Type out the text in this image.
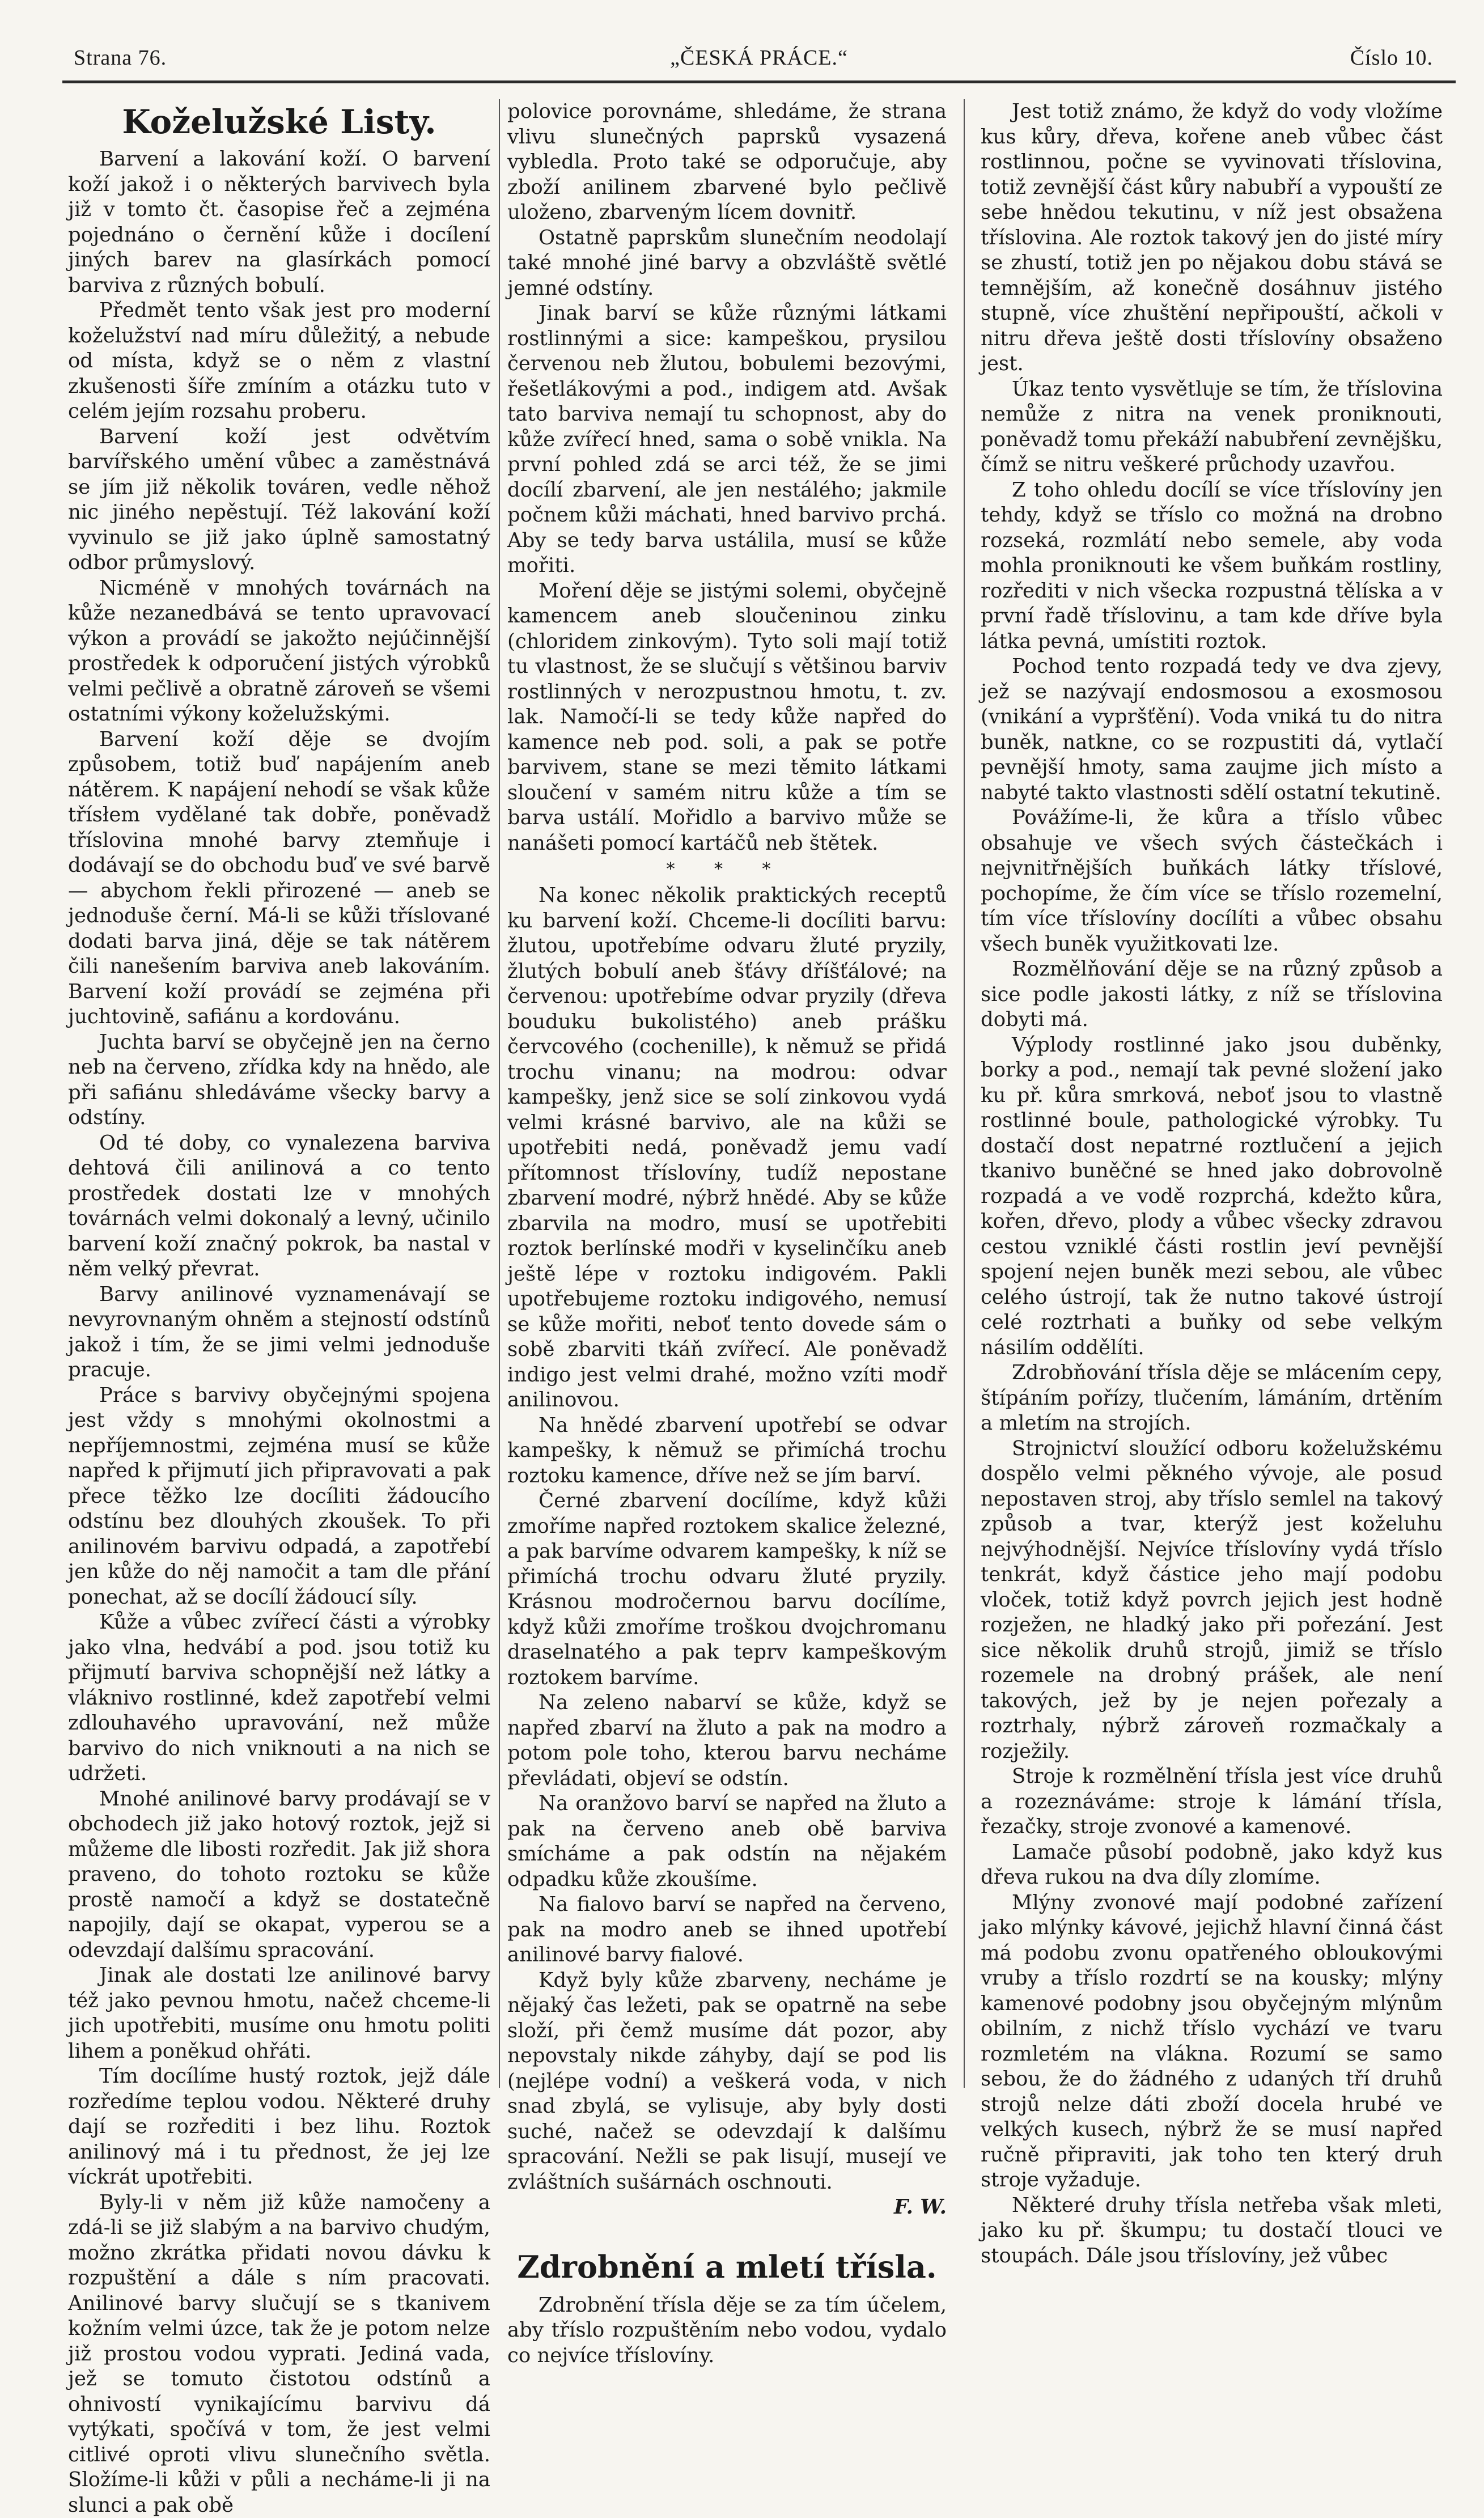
Strana 76.	„ČESKÁ PRÁCE.“	Číslo 10.
Koželužské Listy.

Barvení a lakování koží. O barvení koží jakož i o některých barvivech byla již v tomto čt. časopise řeč a zejména pojednáno o černění kůže i docílení jiných barev na glasírkách pomocí barviva z různých bobulí.

Předmět tento však jest pro moderní koželužství nad míru důležitý, a nebude od místa, když se o něm z vlastní zkušenosti šíře zmíním a otázku tuto v celém jejím rozsahu proberu.

Barvení koží jest odvětvím barvířského umění vůbec a zaměstnává se jím již několik továren, vedle něhož nic jiného nepěstují. Též lakování koží vyvinulo se již jako úplně samostatný odbor průmyslový.

Nicméně v mnohých továrnách na kůže nezanedbává se tento upravovací výkon a provádí se jakožto nejúčinnější prostředek k odporučení jistých výrobků velmi pečlivě a obratně zároveň se všemi ostatními výkony koželužskými.

Barvení koží děje se dvojím způsobem, totiž buď napájením aneb nátěrem. K napájení nehodí se však kůže třísłem vydělané tak dobře, poněvadž tříslovina mnohé barvy ztemňuje i dodávají se do obchodu buď ve své barvě — abychom řekli přirozené — aneb se jednoduše černí. Má-li se kůži tříslované dodati barva jiná, děje se tak nátěrem čili nanešením barviva aneb lakováním. Barvení koží provádí se zejména při juchtovině, safiánu a kordovánu.

Juchta barví se obyčejně jen na černo neb na červeno, zřídka kdy na hnědo, ale při safiánu shledáváme všecky barvy a odstíny.

Od té doby, co vynalezena barviva dehtová čili anilinová a co tento prostředek dostati lze v mnohých továrnách velmi dokonalý a levný, učinilo barvení koží značný pokrok, ba nastal v něm velký převrat.

Barvy anilinové vyznamenávají se nevyrovnaným ohněm a stejností odstínů jakož i tím, že se jimi velmi jednoduše pracuje.

Práce s barvivy obyčejnými spojena jest vždy s mnohými okolnostmi a nepříjemnostmi, zejména musí se kůže napřed k přijmutí jich připravovati a pak přece těžko lze docíliti žádoucího odstínu bez dlouhých zkoušek. To při anilinovém barvivu odpadá, a zapotřebí jen kůže do něj namočit a tam dle přání ponechat, až se docílí žádoucí síly.

Kůže a vůbec zvířecí části a výrobky jako vlna, hedvábí a pod. jsou totiž ku přijmutí barviva schopnější než látky a vláknivo rostlinné, kdež zapotřebí velmi zdlouhavého upravování, než může barvivo do nich vniknouti a na nich se udržeti.

Mnohé anilinové barvy prodávají se v obchodech již jako hotový roztok, jejž si můžeme dle libosti rozředit. Jak již shora praveno, do tohoto roztoku se kůže prostě namočí a když se dostatečně napojily, dají se okapat, vyperou se a odevzdají dalšímu spracování.

Jinak ale dostati lze anilinové barvy též jako pevnou hmotu, načež chceme-li jich upotřebiti, musíme onu hmotu politi lihem a poněkud ohřáti.

Tím docílíme hustý roztok, jejž dále rozředíme teplou vodou. Některé druhy dají se rozřediti i bez lihu. Roztok anilinový má i tu přednost, že jej lze víckrát upotřebiti.

Byly-li v něm již kůže namočeny a zdá-li se již slabým a na barvivo chudým, možno zkrátka přidati novou dávku k rozpuštění a dále s ním pracovati. Anilinové barvy slučují se s tkanivem kožním velmi úzce, tak že je potom nelze již prostou vodou vyprati. Jediná vada, jež se tomuto čistotou odstínů a ohnivostí vynikajícímu barvivu dá vytýkati, spočívá v tom, že jest velmi citlivé oproti vlivu slunečního světla. Složíme-li kůži v půli a necháme-li ji na slunci a pak obě

polovice porovnáme, shledáme, že strana vlivu slunečných paprsků vysazená vybledla. Proto také se odporučuje, aby zboží anilinem zbarvené bylo pečlivě uloženo, zbarveným lícem dovnitř.

Ostatně paprskům slunečním neodolají také mnohé jiné barvy a obzvláště světlé jemné odstíny.

Jinak barví se kůže různými látkami rostlinnými a sice: kampeškou, prysilou červenou neb žlutou, bobulemi bezovými, řešetlákovými a pod., indigem atd. Avšak tato barviva nemají tu schopnost, aby do kůže zvířecí hned, sama o sobě vnikla. Na první pohled zdá se arci též, že se jimi docílí zbarvení, ale jen nestálého; jakmile počnem kůži máchati, hned barvivo prchá. Aby se tedy barva ustálila, musí se kůže mořiti.

Moření děje se jistými solemi, obyčejně kamencem aneb sloučeninou zinku (chloridem zinkovým). Tyto soli mají totiž tu vlastnost, že se slučují s většinou barviv rostlinných v nerozpustnou hmotu, t. zv. lak. Namočí-li se tedy kůže napřed do kamence neb pod. soli, a pak se potře barvivem, stane se mezi těmito látkami sloučení v samém nitru kůže a tím se barva ustálí. Mořidlo a barvivo může se nanášeti pomocí kartáčů neb štětek.

* * *

Na konec několik praktických receptů ku barvení koží. Chceme-li docíliti barvu: žlutou, upotřebíme odvaru žluté pryzily, žlutých bobulí aneb šťávy dříšťálové; na červenou: upotřebíme odvar pryzily (dřeva bouduku bukolistého) aneb prášku červcového (cochenille), k němuž se přidá trochu vinanu; na modrou: odvar kampešky, jenž sice se solí zinkovou vydá velmi krásné barvivo, ale na kůži se upotřebiti nedá, poněvadž jemu vadí přítomnost tříslovíny, tudíž nepostane zbarvení modré, nýbrž hnědé. Aby se kůže zbarvila na modro, musí se upotřebiti roztok berlínské modři v kyselinčíku aneb ještě lépe v roztoku indigovém. Pakli upotřebujeme roztoku indigového, nemusí se kůže mořiti, neboť tento dovede sám o sobě zbarviti tkáň zvířecí. Ale poněvadž indigo jest velmi drahé, možno vzíti modř anilinovou.

Na hnědé zbarvení upotřebí se odvar kampešky, k němuž se přimíchá trochu roztoku kamence, dříve než se jím barví.

Černé zbarvení docílíme, když kůži zmoříme napřed roztokem skalice železné, a pak barvíme odvarem kampešky, k níž se přimíchá trochu odvaru žluté pryzily. Krásnou modročernou barvu docílíme, když kůži zmoříme troškou dvojchromanu draselnatého a pak teprv kampeškovým roztokem barvíme.

Na zeleno nabarví se kůže, když se napřed zbarví na žluto a pak na modro a potom pole toho, kterou barvu necháme převládati, objeví se odstín.

Na oranžovo barví se napřed na žluto a pak na červeno aneb obě barviva smícháme a pak odstín na nějakém odpadku kůže zkoušíme.

Na fialovo barví se napřed na červeno, pak na modro aneb se ihned upotřebí anilinové barvy fialové.

Když byly kůže zbarveny, necháme je nějaký čas ležeti, pak se opatrně na sebe složí, při čemž musíme dát pozor, aby nepovstaly nikde záhyby, dají se pod lis (nejlépe vodní) a veškerá voda, v nich snad zbylá, se vylisuje, aby byly dosti suché, načež se odevzdají k dalšímu spracování. Nežli se pak lisují, musejí ve zvláštních sušárnách oschnouti.

F. W.

Zdrobnění a mletí třísla.

Zdrobnění třísla děje se za tím účelem, aby tříslo rozpuštěním nebo vodou, vydalo co nejvíce tříslovíny.

Jest totiž známo, že když do vody vložíme kus kůry, dřeva, kořene aneb vůbec část rostlinnou, počne se vyvinovati tříslovina, totiž zevnější část kůry nabubří a vypouští ze sebe hnědou tekutinu, v níž jest obsažena tříslovina. Ale roztok takový jen do jisté míry se zhustí, totiž jen po nějakou dobu stává se temnějším, až konečně dosáhnuv jistého stupně, více zhuštění nepřipouští, ačkoli v nitru dřeva ještě dosti tříslovíny obsaženo jest.

Úkaz tento vysvětluje se tím, že tříslovina nemůže z nitra na venek proniknouti, poněvadž tomu překáží nabubření zevnějšku, čímž se nitru veškeré průchody uzavřou.

Z toho ohledu docílí se více tříslovíny jen tehdy, když se tříslo co možná na drobno rozseká, rozmlátí nebo semele, aby voda mohla proniknouti ke všem buňkám rostliny, rozřediti v nich všecka rozpustná tělíska a v první řadě tříslovinu, a tam kde dříve byla látka pevná, umístiti roztok.

Pochod tento rozpadá tedy ve dva zjevy, jež se nazývají endosmosou a exosmosou (vnikání a vypršťění). Voda vniká tu do nitra buněk, natkne, co se rozpustiti dá, vytlačí pevnější hmoty, sama zaujme jich místo a nabyté takto vlastnosti sdělí ostatní tekutině.

Povážíme-li, že kůra a tříslo vůbec obsahuje ve všech svých částečkách i nejvnitřnějších buňkách látky tříslové, pochopíme, že čím více se tříslo rozemelní, tím více tříslovíny docílíti a vůbec obsahu všech buněk využitkovati lze.

Rozmělňování děje se na různý způsob a sice podle jakosti látky, z níž se tříslovina dobyti má.

Výplody rostlinné jako jsou duběnky, borky a pod., nemají tak pevné složení jako ku př. kůra smrková, neboť jsou to vlastně rostlinné boule, pathologické výrobky. Tu dostačí dost nepatrné roztlučení a jejich tkanivo buněčné se hned jako dobrovolně rozpadá a ve vodě rozprchá, kdežto kůra, kořen, dřevo, plody a vůbec všecky zdravou cestou vzniklé části rostlin jeví pevnější spojení nejen buněk mezi sebou, ale vůbec celého ústrojí, tak že nutno takové ústrojí celé roztrhati a buňky od sebe velkým násilím oddělíti.

Zdrobňování třísla děje se mlácením cepy, štípáním pořízy, tlučením, lámáním, drtěním a mletím na strojích.

Strojnictví sloužící odboru koželužskému dospělo velmi pěkného vývoje, ale posud nepostaven stroj, aby tříslo semlel na takový způsob a tvar, kterýž jest koželuhu nejvýhodnější. Nejvíce tříslovíny vydá tříslo tenkrát, když částice jeho mají podobu vloček, totiž když povrch jejich jest hodně rozježen, ne hladký jako při pořezání. Jest sice několik druhů strojů, jimiž se tříslo rozemele na drobný prášek, ale není takových, jež by je nejen pořezaly a roztrhaly, nýbrž zároveň rozmačkaly a rozježily.

Stroje k rozmělnění třísla jest více druhů a rozeznáváme: stroje k lámání třísla, řezačky, stroje zvonové a kamenové.

Lamače působí podobně, jako když kus dřeva rukou na dva díly zlomíme.

Mlýny zvonové mají podobné zařízení jako mlýnky kávové, jejichž hlavní činná část má podobu zvonu opatřeného obloukovými vruby a tříslo rozdrtí se na kousky; mlýny kamenové podobny jsou obyčejným mlýnům obilním, z nichž tříslo vychází ve tvaru rozmletém na vlákna. Rozumí se samo sebou, že do žádného z udaných tří druhů strojů nelze dáti zboží docela hrubé ve velkých kusech, nýbrž že se musí napřed ručně připraviti, jak toho ten který druh stroje vyžaduje.

Některé druhy třísla netřeba však mleti, jako ku př. škumpu; tu dostačí tlouci ve stoupách. Dále jsou tříslovíny, jež vůbec
